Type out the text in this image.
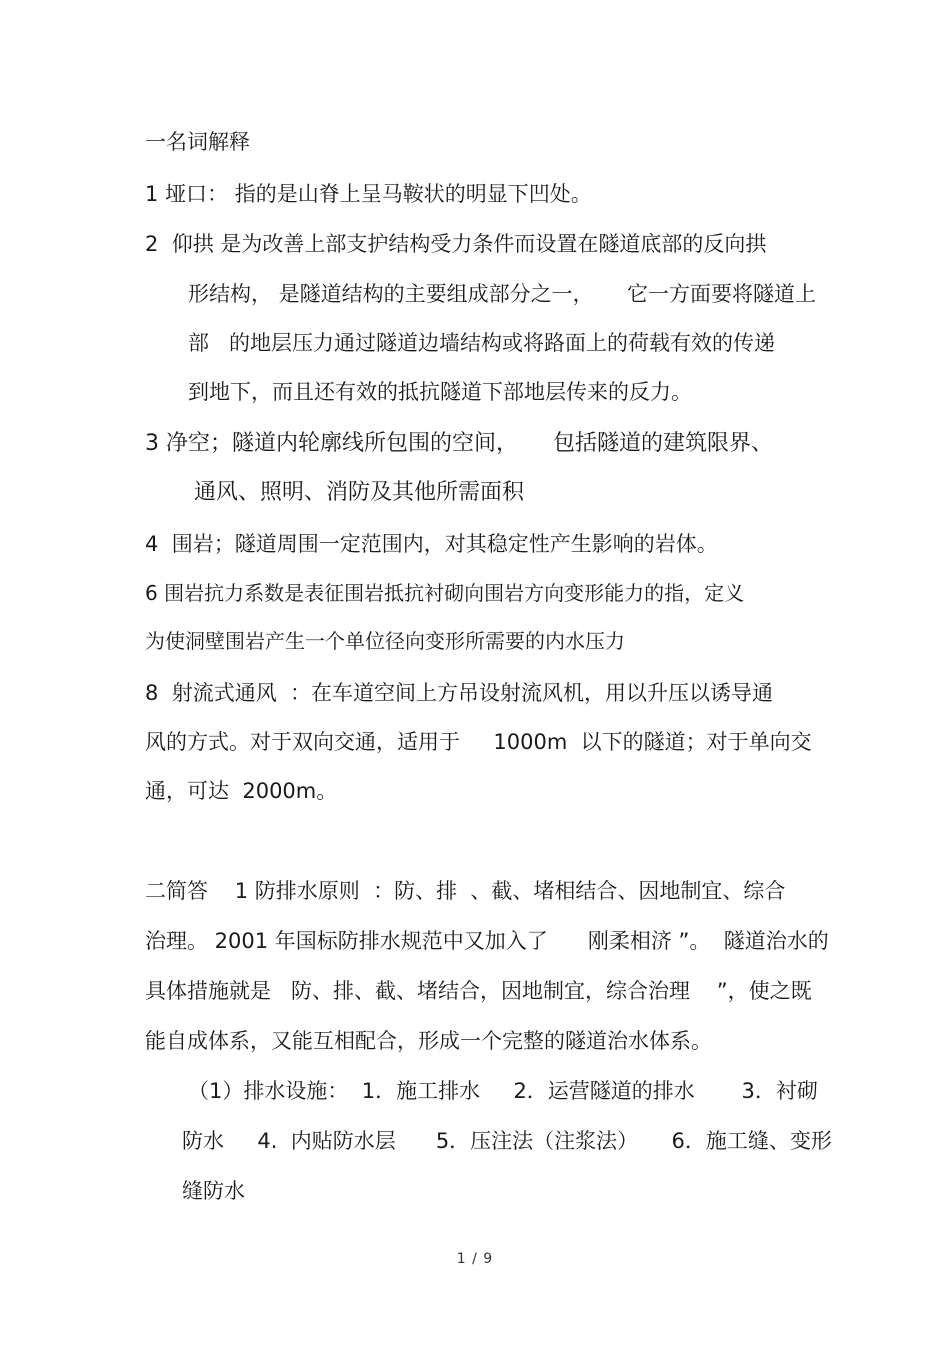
一名词解释
1 垭口： 指的是山脊上呈马鞍状的明显下凹处。
2  仰拱 是为改善上部支护结构受力条件而设置在隧道底部的反向拱
形结构， 是隧道结构的主要组成部分之一，     它一方面要将隧道上
部   的地层压力通过隧道边墙结构或将路面上的荷载有效的传递
到地下，而且还有效的抵抗隧道下部地层传来的反力。
3 净空；隧道内轮廓线所包围的空间，     包括隧道的建筑限界、
通风、照明、消防及其他所需面积
4  围岩；隧道周围一定范围内，对其稳定性产生影响的岩体。
6 围岩抗力系数是表征围岩抵抗衬砌向围岩方向变形能力的指，定义
为使洞壁围岩产生一个单位径向变形所需要的内水压力
8  射流式通风  ：在车道空间上方吊设射流风机，用以升压以诱导通
风的方式。对于双向交通，适用于     1000m  以下的隧道；对于单向交
通，可达  2000m。
二简答    1 防排水原则  ：防、排  、截、堵相结合、因地制宜、综合
治理。 2001 年国标防排水规范中又加入了      刚柔相济 ”。  隧道治水的
具体措施就是   防、排、截、堵结合，因地制宜，综合治理    ”，使之既
能自成体系，又能互相配合，形成一个完整的隧道治水体系。
（1）排水设施：  1．施工排水     2．运营隧道的排水       3．衬砌
防水     4.  内贴防水层      5．压注法（注浆法）     6．施工缝、变形
缝防水
1 / 9
